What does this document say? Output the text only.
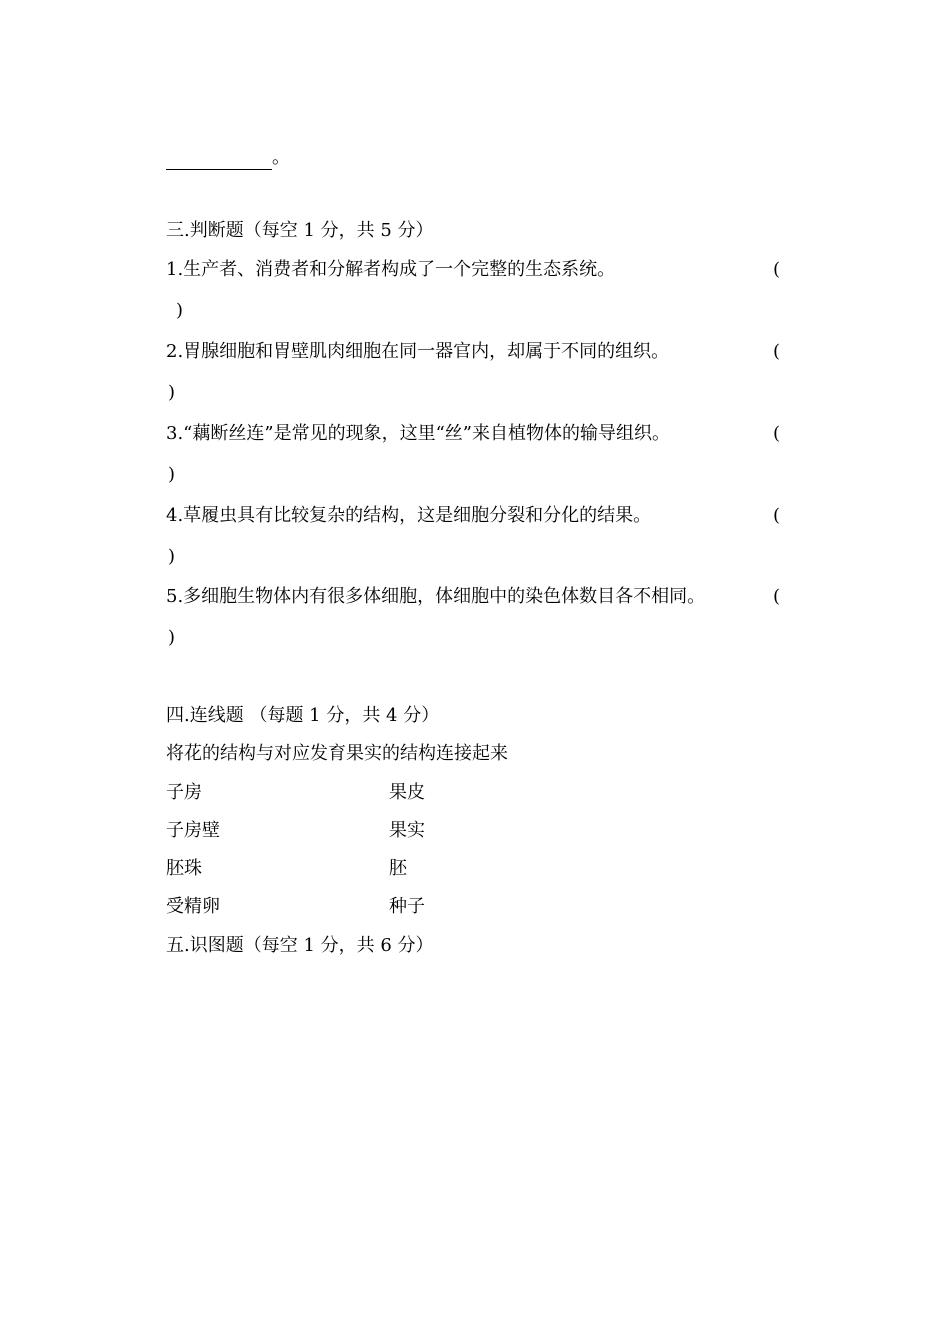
。
三.判断题（每空 1 分，共 5 分）
1.生产者、消费者和分解者构成了一个完整的生态系统。	(
)
2.胃腺细胞和胃壁肌肉细胞在同一器官内，却属于不同的组织。	(
)
3.“藕断丝连”是常见的现象，这里“丝”来自植物体的输导组织。	(
)
4.草履虫具有比较复杂的结构，这是细胞分裂和分化的结果。	(
)
5.多细胞生物体内有很多体细胞，体细胞中的染色体数目各不相同。	(
)
四.连线题 （每题 1 分，共 4 分）
将花的结构与对应发育果实的结构连接起来
子房	果皮
子房壁	果实
胚珠	胚
受精卵	种子
五.识图题（每空 1 分，共 6 分）
